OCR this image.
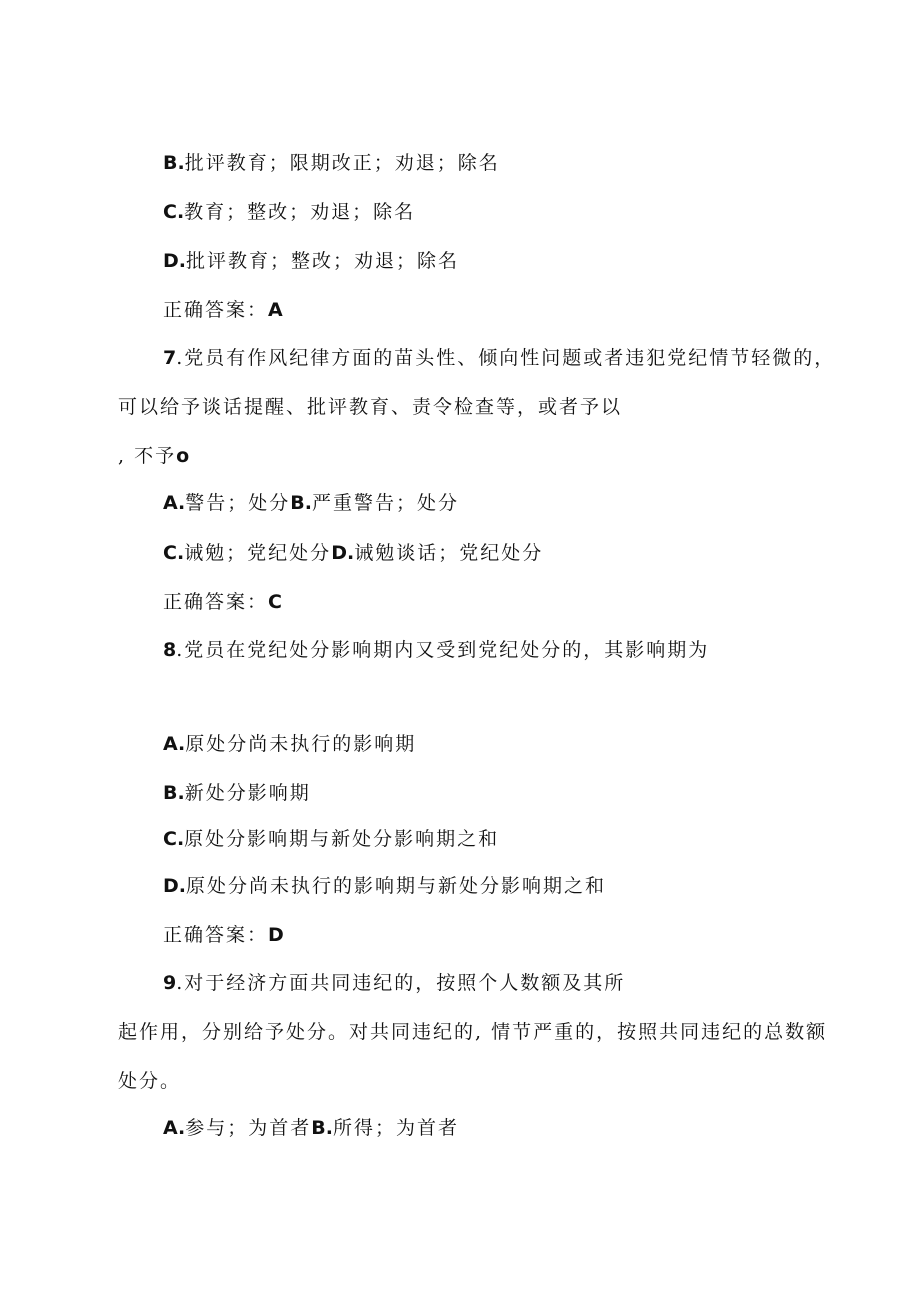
B.批评教育；限期改正；劝退；除名

C.教育；整改；劝退；除名

D.批评教育；整改；劝退；除名

正确答案：A

7.党员有作风纪律方面的苗头性、倾向性问题或者违犯党纪情节轻微的，

可以给予谈话提醒、批评教育、责令检查等，或者予以

, 不予o

A.警告；处分B.严重警告；处分

C.诫勉；党纪处分D.诫勉谈话；党纪处分

正确答案：C

8.党员在党纪处分影响期内又受到党纪处分的，其影响期为

A.原处分尚未执行的影响期

B.新处分影响期

C.原处分影响期与新处分影响期之和

D.原处分尚未执行的影响期与新处分影响期之和

正确答案：D

9.对于经济方面共同违纪的，按照个人数额及其所

起作用，分别给予处分。对共同违纪的, 情节严重的，按照共同违纪的总数额

处分。

A.参与；为首者B.所得；为首者
